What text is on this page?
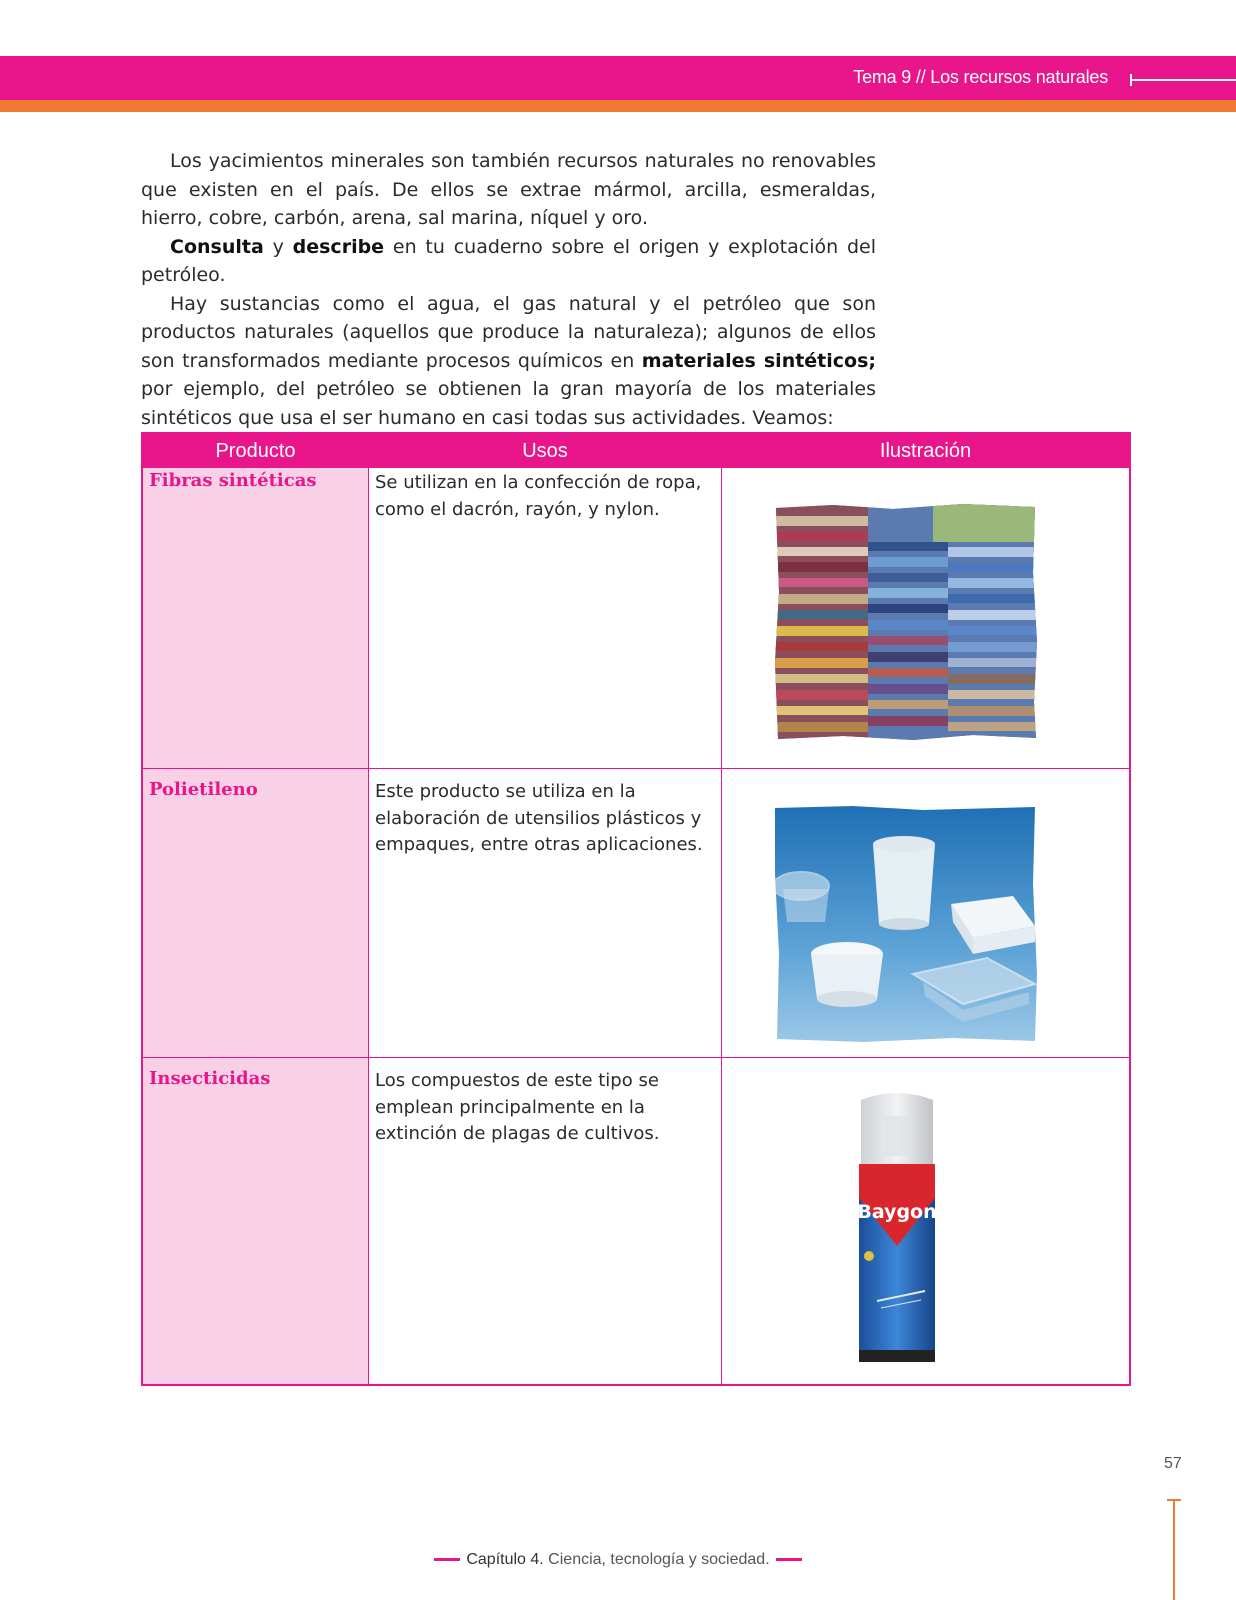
Tema 9 // Los recursos naturales

Los yacimientos minerales son también recursos naturales no renovables que existen en el país. De ellos se extrae mármol, arcilla, esmeraldas, hierro, cobre, carbón, arena, sal marina, níquel y oro.

Consulta y describe en tu cuaderno sobre el origen y explotación del petróleo.

Hay sustancias como el agua, el gas natural y el petróleo que son productos naturales (aquellos que produce la naturaleza); algunos de ellos son transformados mediante procesos químicos en materiales sintéticos; por ejemplo, del petróleo se obtienen la gran mayoría de los materiales sintéticos que usa el ser humano en casi todas sus actividades. Veamos:

Producto	Usos	Ilustración
Fibras sintéticas	Se utilizan en la confección de ropa, como el dacrón, rayón, y nylon.
Polietileno	Este producto se utiliza en la elaboración de utensilios plásticos y empaques, entre otras aplicaciones.
Insecticidas	Los compuestos de este tipo se emplean principalmente en la extinción de plagas de cultivos.
Baygon
57
Capítulo 4. Ciencia, tecnología y sociedad.
